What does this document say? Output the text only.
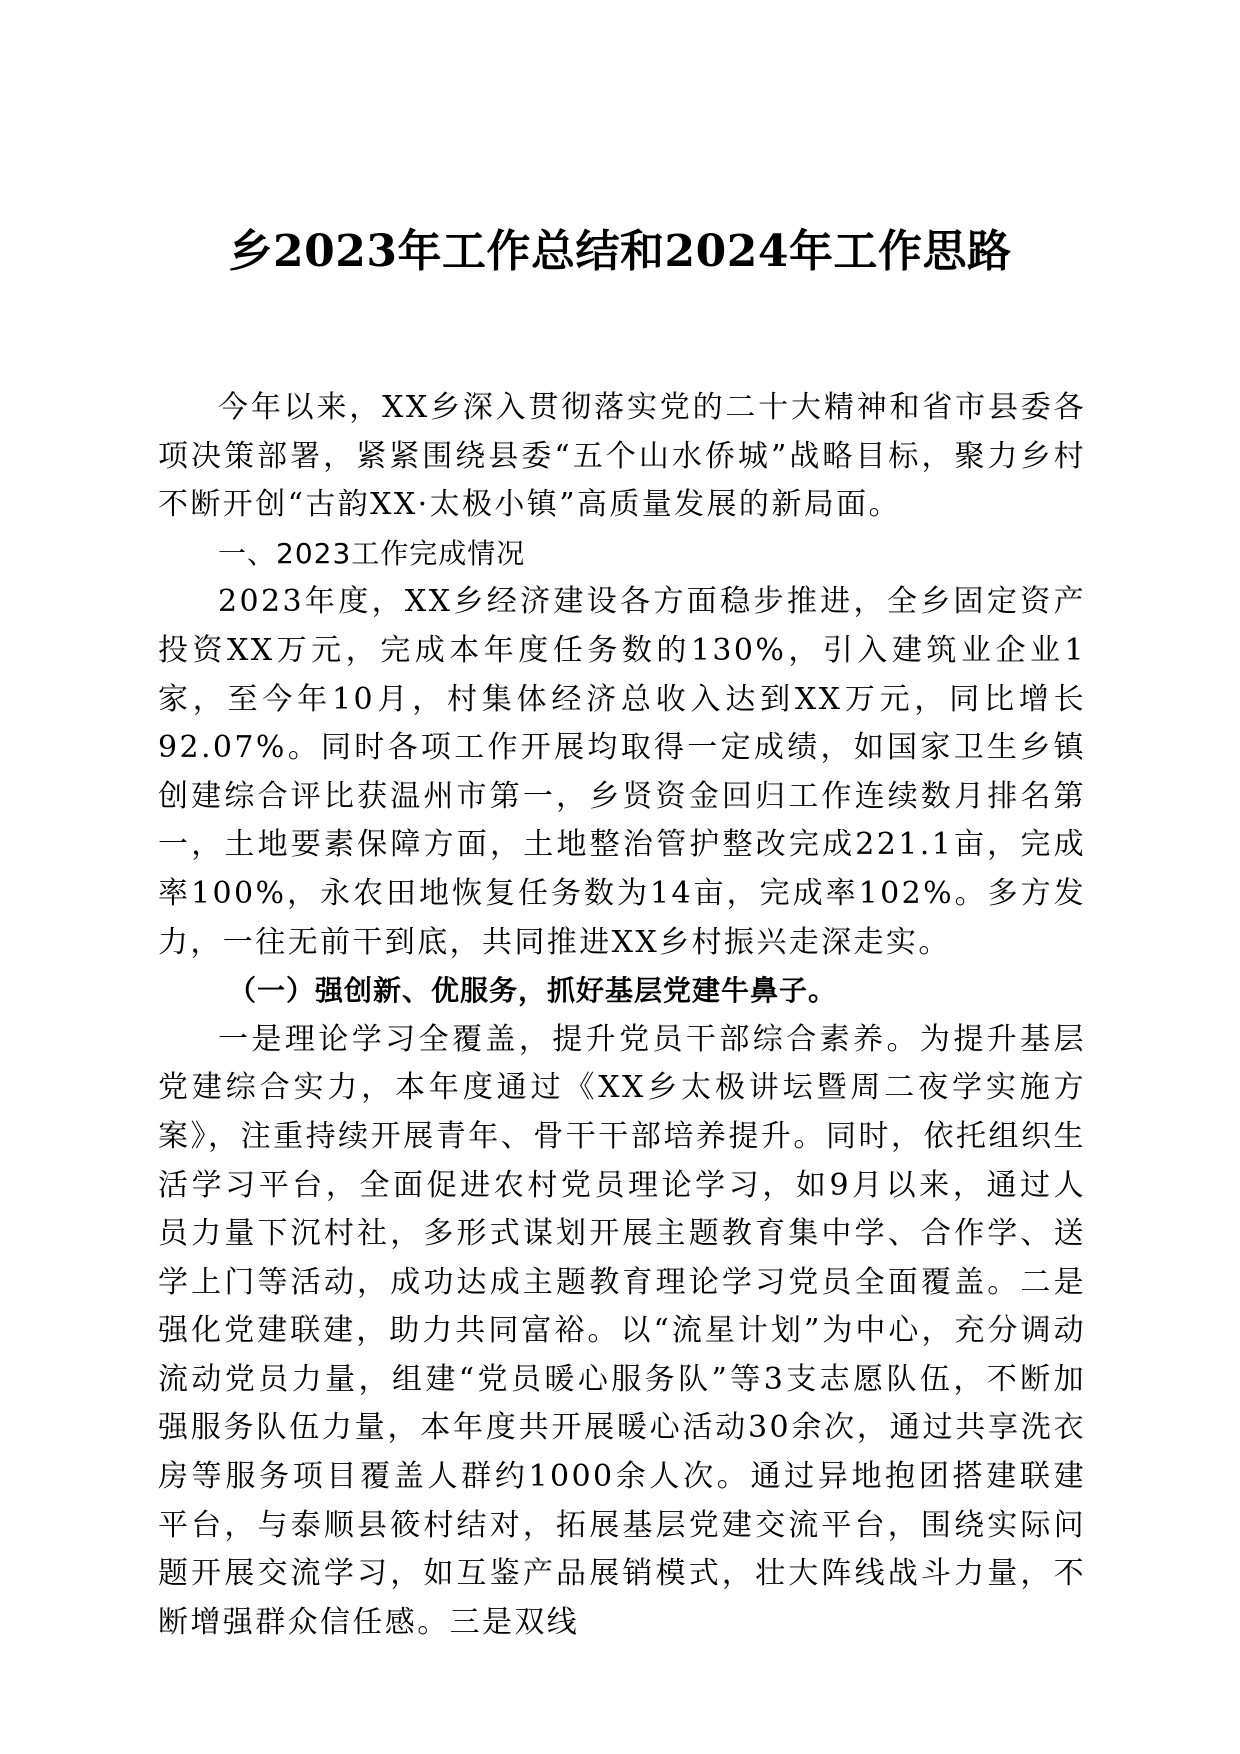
乡2023年工作总结和2024年工作思路

今年以来，XX乡深入贯彻落实党的二十大精神和省市县委各项决策部署，紧紧围绕县委“五个山水侨城”战略目标，聚力乡村不断开创“古韵XX·太极小镇”高质量发展的新局面。

一、2023工作完成情况

2023年度，XX乡经济建设各方面稳步推进，全乡固定资产投资XX万元，完成本年度任务数的130%，引入建筑业企业1家，至今年10月，村集体经济总收入达到XX万元，同比增长92.07%。同时各项工作开展均取得一定成绩，如国家卫生乡镇创建综合评比获温州市第一，乡贤资金回归工作连续数月排名第一，土地要素保障方面，土地整治管护整改完成221.1亩，完成率100%，永农田地恢复任务数为14亩，完成率102%。多方发力，一往无前干到底，共同推进XX乡村振兴走深走实。

（一）强创新、优服务，抓好基层党建牛鼻子。

一是理论学习全覆盖，提升党员干部综合素养。为提升基层党建综合实力，本年度通过《XX乡太极讲坛暨周二夜学实施方案》，注重持续开展青年、骨干干部培养提升。同时，依托组织生活学习平台，全面促进农村党员理论学习，如9月以来，通过人员力量下沉村社，多形式谋划开展主题教育集中学、合作学、送学上门等活动，成功达成主题教育理论学习党员全面覆盖。二是强化党建联建，助力共同富裕。以“流星计划”为中心，充分调动流动党员力量，组建“党员暖心服务队”等3支志愿队伍，不断加强服务队伍力量，本年度共开展暖心活动30余次，通过共享洗衣房等服务项目覆盖人群约1000余人次。通过异地抱团搭建联建平台，与泰顺县筱村结对，拓展基层党建交流平台，围绕实际问题开展交流学习，如互鉴产品展销模式，壮大阵线战斗力量，不断增强群众信任感。三是双线
